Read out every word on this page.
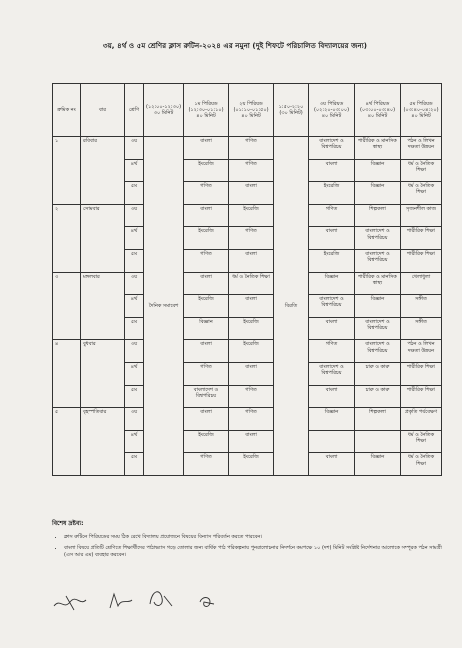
৩য়, ৪র্থ ও ৫ম শ্রেণির ক্লাস রুটিন-২০২৪ এর নমুনা (দুই শিফটে পরিচালিত বিদ্যালয়ের জন্য)
ক্রমিক নং	বার	শ্রেণি	(১২:০০-১২:৩০) ৩০ মিনিট	১ম পিরিয়ড (১২:৩০-০১:১০) ৪০ মিনিট	২য় পিরিয়ড (০১:১০-০১:৫০) ৪০ মিনিট	১:৫০-২:২০ (৩০ মিনিট)	৩য় পিরিয়ড (০২:২০-০৩:০০) ৪০ মিনিট	৪র্থ পিরিয়ড (০৩:০০-০৩:৪০) ৪০ মিনিট	৫ম পিরিয়ড (০৩:৪০-০৪:২০) ৪০ মিনিট
১	রবিবার	৩য়	দৈনিক সমাবেশ	বাংলা	গণিত	বিরতি	বাংলাদেশ ও বিশ্বপরিচয়	শারীরিক ও মানসিক স্বাস্থ্য	পঠন ও লিখন দক্ষতা উন্নয়ন
		৪র্থ		ইংরেজি	গণিত		বাংলা	বিজ্ঞান	ধর্ম ও নৈতিক শিক্ষা
		৫ম		গণিত	বাংলা		ইংরেজি	বিজ্ঞান	ধর্ম ও নৈতিক শিক্ষা
২	সোমবার	৩য়		বাংলা	ইংরেজি		গণিত	শিল্পকলা	সৃজনশীল কাজ
		৪র্থ		ইংরেজি	গণিত		বাংলা	বাংলাদেশ ও বিশ্বপরিচয়	শারীরিক শিক্ষা
		৫ম		গণিত	বাংলা		ইংরেজি	বাংলাদেশ ও বিশ্বপরিচয়	শারীরিক শিক্ষা
৩	মঙ্গলবার	৩য়		বাংলা	ধর্ম ও নৈতিক শিক্ষা		বিজ্ঞান	শারীরিক ও মানসিক স্বাস্থ্য	খেলাধুলা
		৪র্থ		ইংরেজি	বাংলা		বাংলাদেশ ও বিশ্বপরিচয়	বিজ্ঞান	সঙ্গীত
		৫ম		বিজ্ঞান	ইংরেজি		বাংলা	বাংলাদেশ ও বিশ্বপরিচয়	সঙ্গীত
৪	বুধবার	৩য়		বাংলা	ইংরেজি		গণিত	বাংলাদেশ ও বিশ্বপরিচয়	পঠন ও লিখন দক্ষতা উন্নয়ন
		৪র্থ		গণিত	বাংলা		বাংলাদেশ ও বিশ্বপরিচয়	চারু ও কারু	শারীরিক শিক্ষা
		৫ম		বাংলাদেশ ও বিশ্বপরিচয়	গণিত		বাংলা	চারু ও কারু	শারীরিক শিক্ষা
৫	বৃহস্পতিবার	৩য়		বাংলা	গণিত		বিজ্ঞান	শিল্পকলা	প্রকৃতি পর্যবেক্ষণ
		৪র্থ		ইংরেজি	বাংলা				ধর্ম ও নৈতিক শিক্ষা
		৫ম		গণিত	ইংরেজি		বাংলা	বিজ্ঞান	ধর্ম ও নৈতিক শিক্ষা
বিশেষ দ্রষ্টব্য:
• ক্লাস রুটিনে পিরিয়ডের সময় ঠিক রেখে বিদ্যালয় প্রয়োজনে বিষয়ের বিন্যাস পরিবর্তন করতে পারবেন।
• বাংলা বিষয়ে প্রতিটি শ্রেণিতে শিক্ষার্থীদের পাঠাভ্যাস গড়ে তোলার জন্য বার্ষিক পাঠ পরিকল্পনায় পুনরালোচনার নিদর্শনে কমপক্ষে ১০ (দশ) মিনিট সংশ্লিষ্ট নির্দেশনার আলোকে সম্পূরক পঠন সামগ্রী (এস আর এম) ব্যবহার করবেন।
